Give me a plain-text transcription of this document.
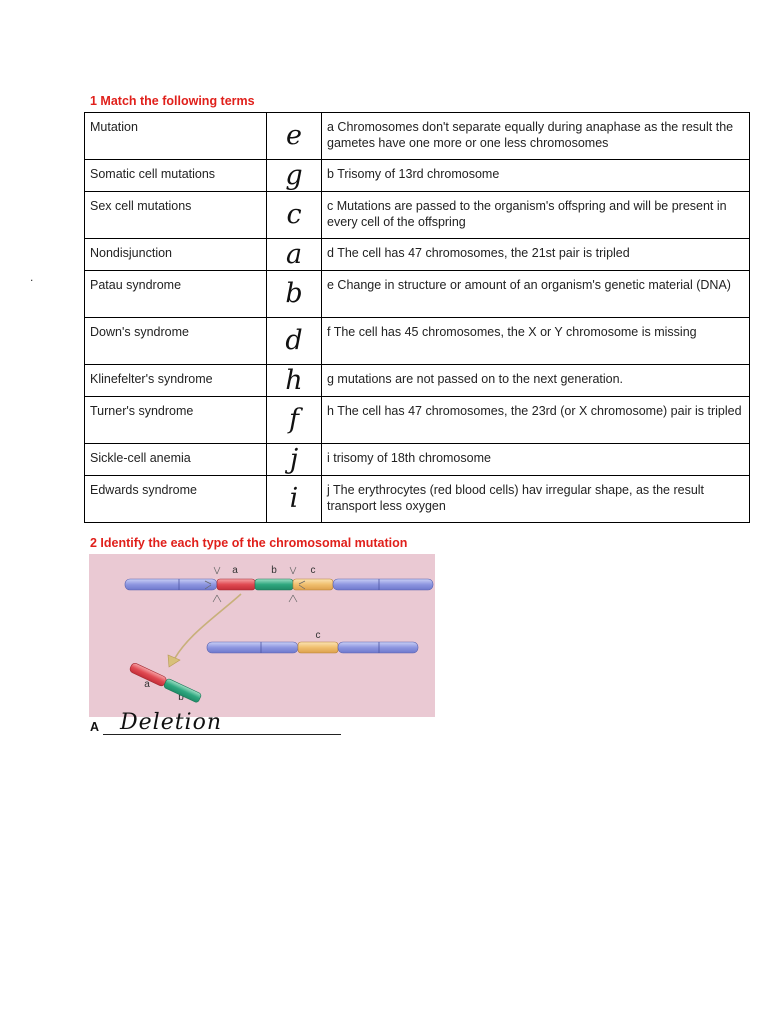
.
1 Match the following terms
Mutation	e	a Chromosomes don't separate equally during anaphase as the result the gametes have one more or one less chromosomes
Somatic cell mutations	g	b Trisomy of 13rd chromosome
Sex cell mutations	c	c Mutations are passed to the organism's offspring and will be present in every cell of the offspring
Nondisjunction	a	d The cell has 47 chromosomes, the 21st pair is tripled
Patau syndrome	b	e Change in structure or amount of an organism's genetic material (DNA)
Down's syndrome	d	f The cell has 45 chromosomes, the X or Y chromosome is missing
Klinefelter's syndrome	h	g mutations are not passed on to the next generation.
Turner's syndrome	f	h The cell has 47 chromosomes, the 23rd (or X chromosome) pair is tripled
Sickle-cell anemia	j	i trisomy of 18th chromosome
Edwards syndrome	i	j The erythrocytes (red blood cells) hav irregular shape, as the result transport less oxygen
2 Identify the each type of the chromosomal mutation
a	b	c
c
a
b
A Deletion
